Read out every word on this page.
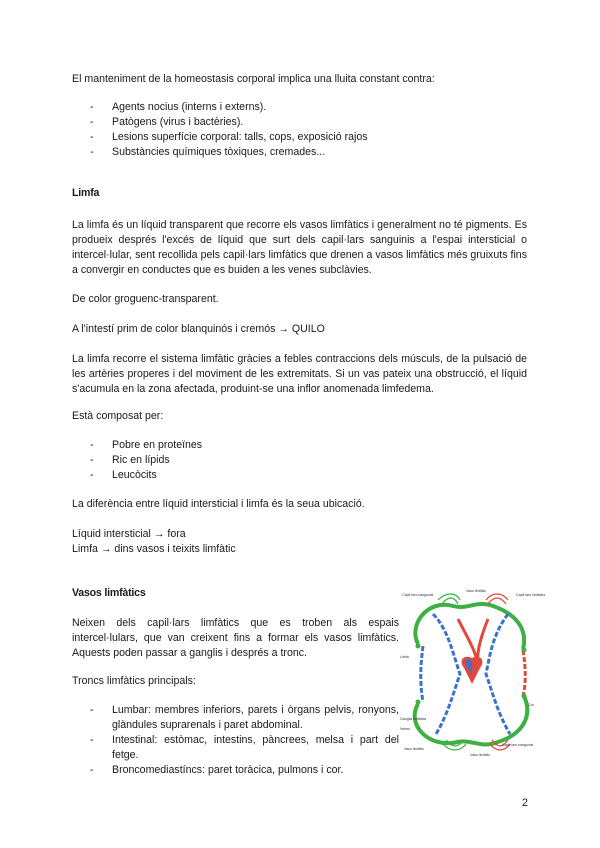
El manteniment de la homeostasis corporal implica una lluita constant contra:

-	Agents nocius (interns i externs).
-	Patògens (virus i bactèries).
-	Lesions superfície corporal: talls, cops, exposició rajos
-	Substàncies químiques tòxiques, cremades...

Limfa

La limfa és un líquid transparent que recorre els vasos limfàtics i generalment no té pigments. Es produeix després l'excés de líquid que surt dels capil·lars sanguinis a l'espai intersticial o intercel·lular, sent recollida pels capil·lars limfàtics que drenen a vasos limfàtics més gruixuts fins a convergir en conductes que es buiden a les venes subclàvies.

De color groguenc-transparent.

A l'intestí prim de color blanquinós i cremós → QUILO

La limfa recorre el sistema limfàtic gràcies a febles contraccions dels músculs, de la pulsació de les artèries properes i del moviment de les extremitats. Si un vas pateix una obstrucció, el líquid s'acumula en la zona afectada, produint-se una inflor anomenada limfedema.

Està composat per:

-	Pobre en proteïnes
-	Ric en lípids
-	Leucòcits

La diferència entre líquid intersticial i limfa és la seua ubicació.

Líquid intersticial → fora

Limfa → dins vasos i teixits limfàtic

Vasos limfàtics

Neixen dels capil·lars limfàtics que es troben als espais intercel·lulars, que van creixent fins a formar els vasos limfàtics. Aquests poden passar a ganglis i després a tronc.

Troncs limfàtics principals:

-	Lumbar: membres inferiors, parets i òrgans pelvis, ronyons, glàndules suprarenals i paret abdominal.
-	Intestinal: estòmac, intestins, pàncrees, melsa i part del fetge.
-	Broncomediastíncs: paret toràcica, pulmons i cor.
Vaso limfàtic
Capil·lars sanguinis	Capil·lars limfàtics
Limfa
Ganglis limfàtics
Cor
Venes
Vaso limfàtic
Capil·lars sanguinis
Vaso limfàtic

2
